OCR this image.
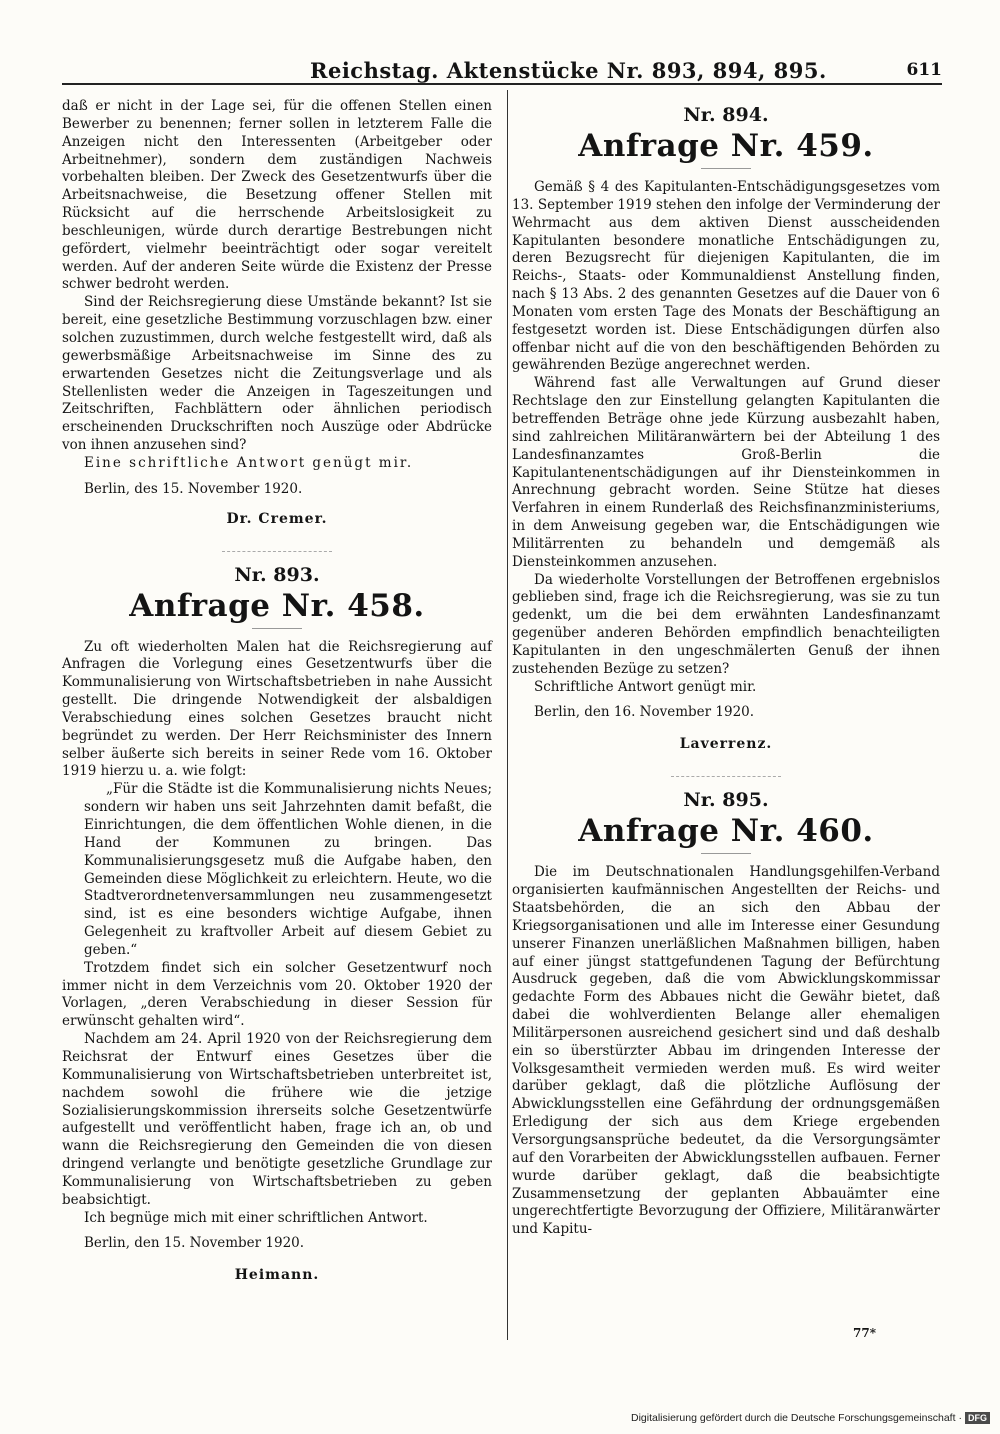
Reichstag. Aktenstücke Nr. 893, 894, 895.	611

daß er nicht in der Lage sei, für die offenen Stellen einen Bewerber zu benennen; ferner sollen in letzterem Falle die Anzeigen nicht den Interessenten (Arbeitgeber oder Arbeitnehmer), sondern dem zuständigen Nachweis vorbehalten bleiben. Der Zweck des Gesetzentwurfs über die Arbeitsnachweise, die Besetzung offener Stellen mit Rücksicht auf die herrschende Arbeitslosigkeit zu beschleunigen, würde durch derartige Bestrebungen nicht gefördert, vielmehr beeinträchtigt oder sogar vereitelt werden. Auf der anderen Seite würde die Existenz der Presse schwer bedroht werden.

Sind der Reichsregierung diese Umstände bekannt? Ist sie bereit, eine gesetzliche Bestimmung vorzuschlagen bzw. einer solchen zuzustimmen, durch welche festgestellt wird, daß als gewerbsmäßige Arbeitsnachweise im Sinne des zu erwartenden Gesetzes nicht die Zeitungsverlage und als Stellenlisten weder die Anzeigen in Tageszeitungen und Zeitschriften, Fachblättern oder ähnlichen periodisch erscheinenden Druckschriften noch Auszüge oder Abdrücke von ihnen anzusehen sind?

Eine schriftliche Antwort genügt mir.

Berlin, des 15. November 1920.

Dr. Cremer.
Nr. 893.
Anfrage Nr. 458.

Zu oft wiederholten Malen hat die Reichsregierung auf Anfragen die Vorlegung eines Gesetzentwurfs über die Kommunalisierung von Wirtschaftsbetrieben in nahe Aussicht gestellt. Die dringende Notwendigkeit der alsbaldigen Verabschiedung eines solchen Gesetzes braucht nicht begründet zu werden. Der Herr Reichsminister des Innern selber äußerte sich bereits in seiner Rede vom 16. Oktober 1919 hierzu u. a. wie folgt:

„Für die Städte ist die Kommunalisierung nichts Neues; sondern wir haben uns seit Jahrzehnten damit befaßt, die Einrichtungen, die dem öffentlichen Wohle dienen, in die Hand der Kommunen zu bringen. Das Kommunalisierungsgesetz muß die Aufgabe haben, den Gemeinden diese Möglichkeit zu erleichtern. Heute, wo die Stadtverordnetenversammlungen neu zusammengesetzt sind, ist es eine besonders wichtige Aufgabe, ihnen Gelegenheit zu kraftvoller Arbeit auf diesem Gebiet zu geben.“

Trotzdem findet sich ein solcher Gesetzentwurf noch immer nicht in dem Verzeichnis vom 20. Oktober 1920 der Vorlagen, „deren Verabschiedung in dieser Session für erwünscht gehalten wird“.

Nachdem am 24. April 1920 von der Reichsregierung dem Reichsrat der Entwurf eines Gesetzes über die Kommunalisierung von Wirtschaftsbetrieben unterbreitet ist, nachdem sowohl die frühere wie die jetzige Sozialisierungskommission ihrerseits solche Gesetzentwürfe aufgestellt und veröffentlicht haben, frage ich an, ob und wann die Reichsregierung den Gemeinden die von diesen dringend verlangte und benötigte gesetzliche Grundlage zur Kommunalisierung von Wirtschaftsbetrieben zu geben beabsichtigt.

Ich begnüge mich mit einer schriftlichen Antwort.

Berlin, den 15. November 1920.

Heimann.
Nr. 894.
Anfrage Nr. 459.

Gemäß § 4 des Kapitulanten-Entschädigungsgesetzes vom 13. September 1919 stehen den infolge der Verminderung der Wehrmacht aus dem aktiven Dienst ausscheidenden Kapitulanten besondere monatliche Entschädigungen zu, deren Bezugsrecht für diejenigen Kapitulanten, die im Reichs-, Staats- oder Kommunaldienst Anstellung finden, nach § 13 Abs. 2 des genannten Gesetzes auf die Dauer von 6 Monaten vom ersten Tage des Monats der Beschäftigung an festgesetzt worden ist. Diese Entschädigungen dürfen also offenbar nicht auf die von den beschäftigenden Behörden zu gewährenden Bezüge angerechnet werden.

Während fast alle Verwaltungen auf Grund dieser Rechtslage den zur Einstellung gelangten Kapitulanten die betreffenden Beträge ohne jede Kürzung ausbezahlt haben, sind zahlreichen Militäranwärtern bei der Abteilung 1 des Landesfinanzamtes Groß-Berlin die Kapitulantenentschädigungen auf ihr Diensteinkommen in Anrechnung gebracht worden. Seine Stütze hat dieses Verfahren in einem Runderlaß des Reichsfinanzministeriums, in dem Anweisung gegeben war, die Entschädigungen wie Militärrenten zu behandeln und demgemäß als Diensteinkommen anzusehen.

Da wiederholte Vorstellungen der Betroffenen ergebnislos geblieben sind, frage ich die Reichsregierung, was sie zu tun gedenkt, um die bei dem erwähnten Landesfinanzamt gegenüber anderen Behörden empfindlich benachteiligten Kapitulanten in den ungeschmälerten Genuß der ihnen zustehenden Bezüge zu setzen?

Schriftliche Antwort genügt mir.

Berlin, den 16. November 1920.

Laverrenz.
Nr. 895.
Anfrage Nr. 460.

Die im Deutschnationalen Handlungsgehilfen-Verband organisierten kaufmännischen Angestellten der Reichs- und Staatsbehörden, die an sich den Abbau der Kriegsorganisationen und alle im Interesse einer Gesundung unserer Finanzen unerläßlichen Maßnahmen billigen, haben auf einer jüngst stattgefundenen Tagung der Befürchtung Ausdruck gegeben, daß die vom Abwicklungskommissar gedachte Form des Abbaues nicht die Gewähr bietet, daß dabei die wohlverdienten Belange aller ehemaligen Militärpersonen ausreichend gesichert sind und daß deshalb ein so überstürzter Abbau im dringenden Interesse der Volksgesamtheit vermieden werden muß. Es wird weiter darüber geklagt, daß die plötzliche Auflösung der Abwicklungsstellen eine Gefährdung der ordnungsgemäßen Erledigung der sich aus dem Kriege ergebenden Versorgungsansprüche bedeutet, da die Versorgungsämter auf den Vorarbeiten der Abwicklungsstellen aufbauen. Ferner wurde darüber geklagt, daß die beabsichtigte Zusammensetzung der geplanten Abbauämter eine ungerechtfertigte Bevorzugung der Offiziere, Militäranwärter und Kapitu-

77*
Digitalisierung gefördert durch die Deutsche Forschungsgemeinschaft · DFG
